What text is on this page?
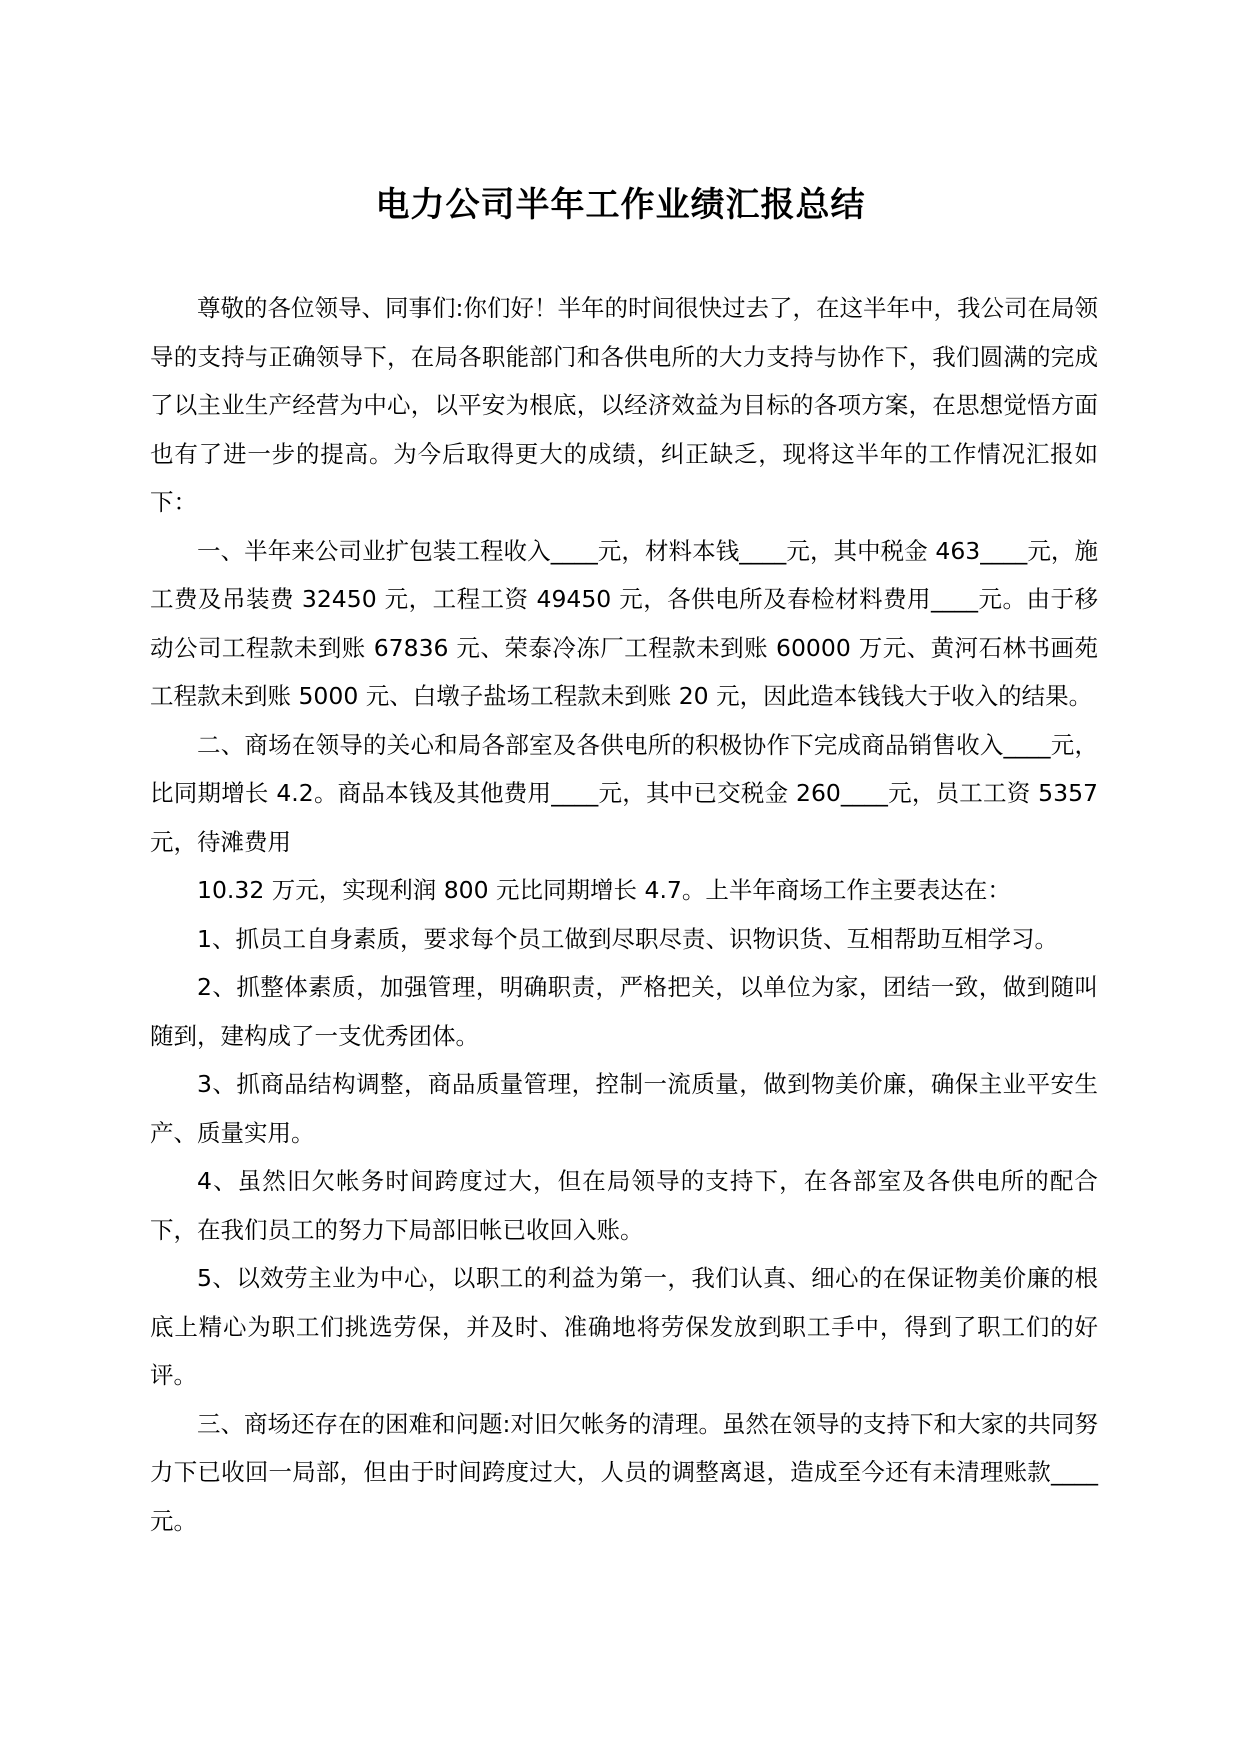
电力公司半年工作业绩汇报总结

尊敬的各位领导、同事们:你们好！半年的时间很快过去了，在这半年中，我公司在局领导的支持与正确领导下，在局各职能部门和各供电所的大力支持与协作下，我们圆满的完成了以主业生产经营为中心，以平安为根底，以经济效益为目标的各项方案，在思想觉悟方面也有了进一步的提高。为今后取得更大的成绩，纠正缺乏，现将这半年的工作情况汇报如下：

一、半年来公司业扩包装工程收入____元，材料本钱____元，其中税金 463____元，施工费及吊装费 32450 元，工程工资 49450 元，各供电所及春检材料费用____元。由于移动公司工程款未到账 67836 元、荣泰冷冻厂工程款未到账 60000 万元、黄河石林书画苑工程款未到账 5000 元、白墩子盐场工程款未到账 20 元，因此造本钱钱大于收入的结果。

二、商场在领导的关心和局各部室及各供电所的积极协作下完成商品销售收入____元，比同期增长 4.2。商品本钱及其他费用____元，其中已交税金 260____元，员工工资 5357元，待滩费用

10.32 万元，实现利润 800 元比同期增长 4.7。上半年商场工作主要表达在：

1、抓员工自身素质，要求每个员工做到尽职尽责、识物识货、互相帮助互相学习。

2、抓整体素质，加强管理，明确职责，严格把关，以单位为家，团结一致，做到随叫随到，建构成了一支优秀团体。

3、抓商品结构调整，商品质量管理，控制一流质量，做到物美价廉，确保主业平安生产、质量实用。

4、虽然旧欠帐务时间跨度过大，但在局领导的支持下，在各部室及各供电所的配合下，在我们员工的努力下局部旧帐已收回入账。

5、以效劳主业为中心，以职工的利益为第一，我们认真、细心的在保证物美价廉的根底上精心为职工们挑选劳保，并及时、准确地将劳保发放到职工手中，得到了职工们的好评。

三、商场还存在的困难和问题:对旧欠帐务的清理。虽然在领导的支持下和大家的共同努力下已收回一局部，但由于时间跨度过大，人员的调整离退，造成至今还有未清理账款____元。
